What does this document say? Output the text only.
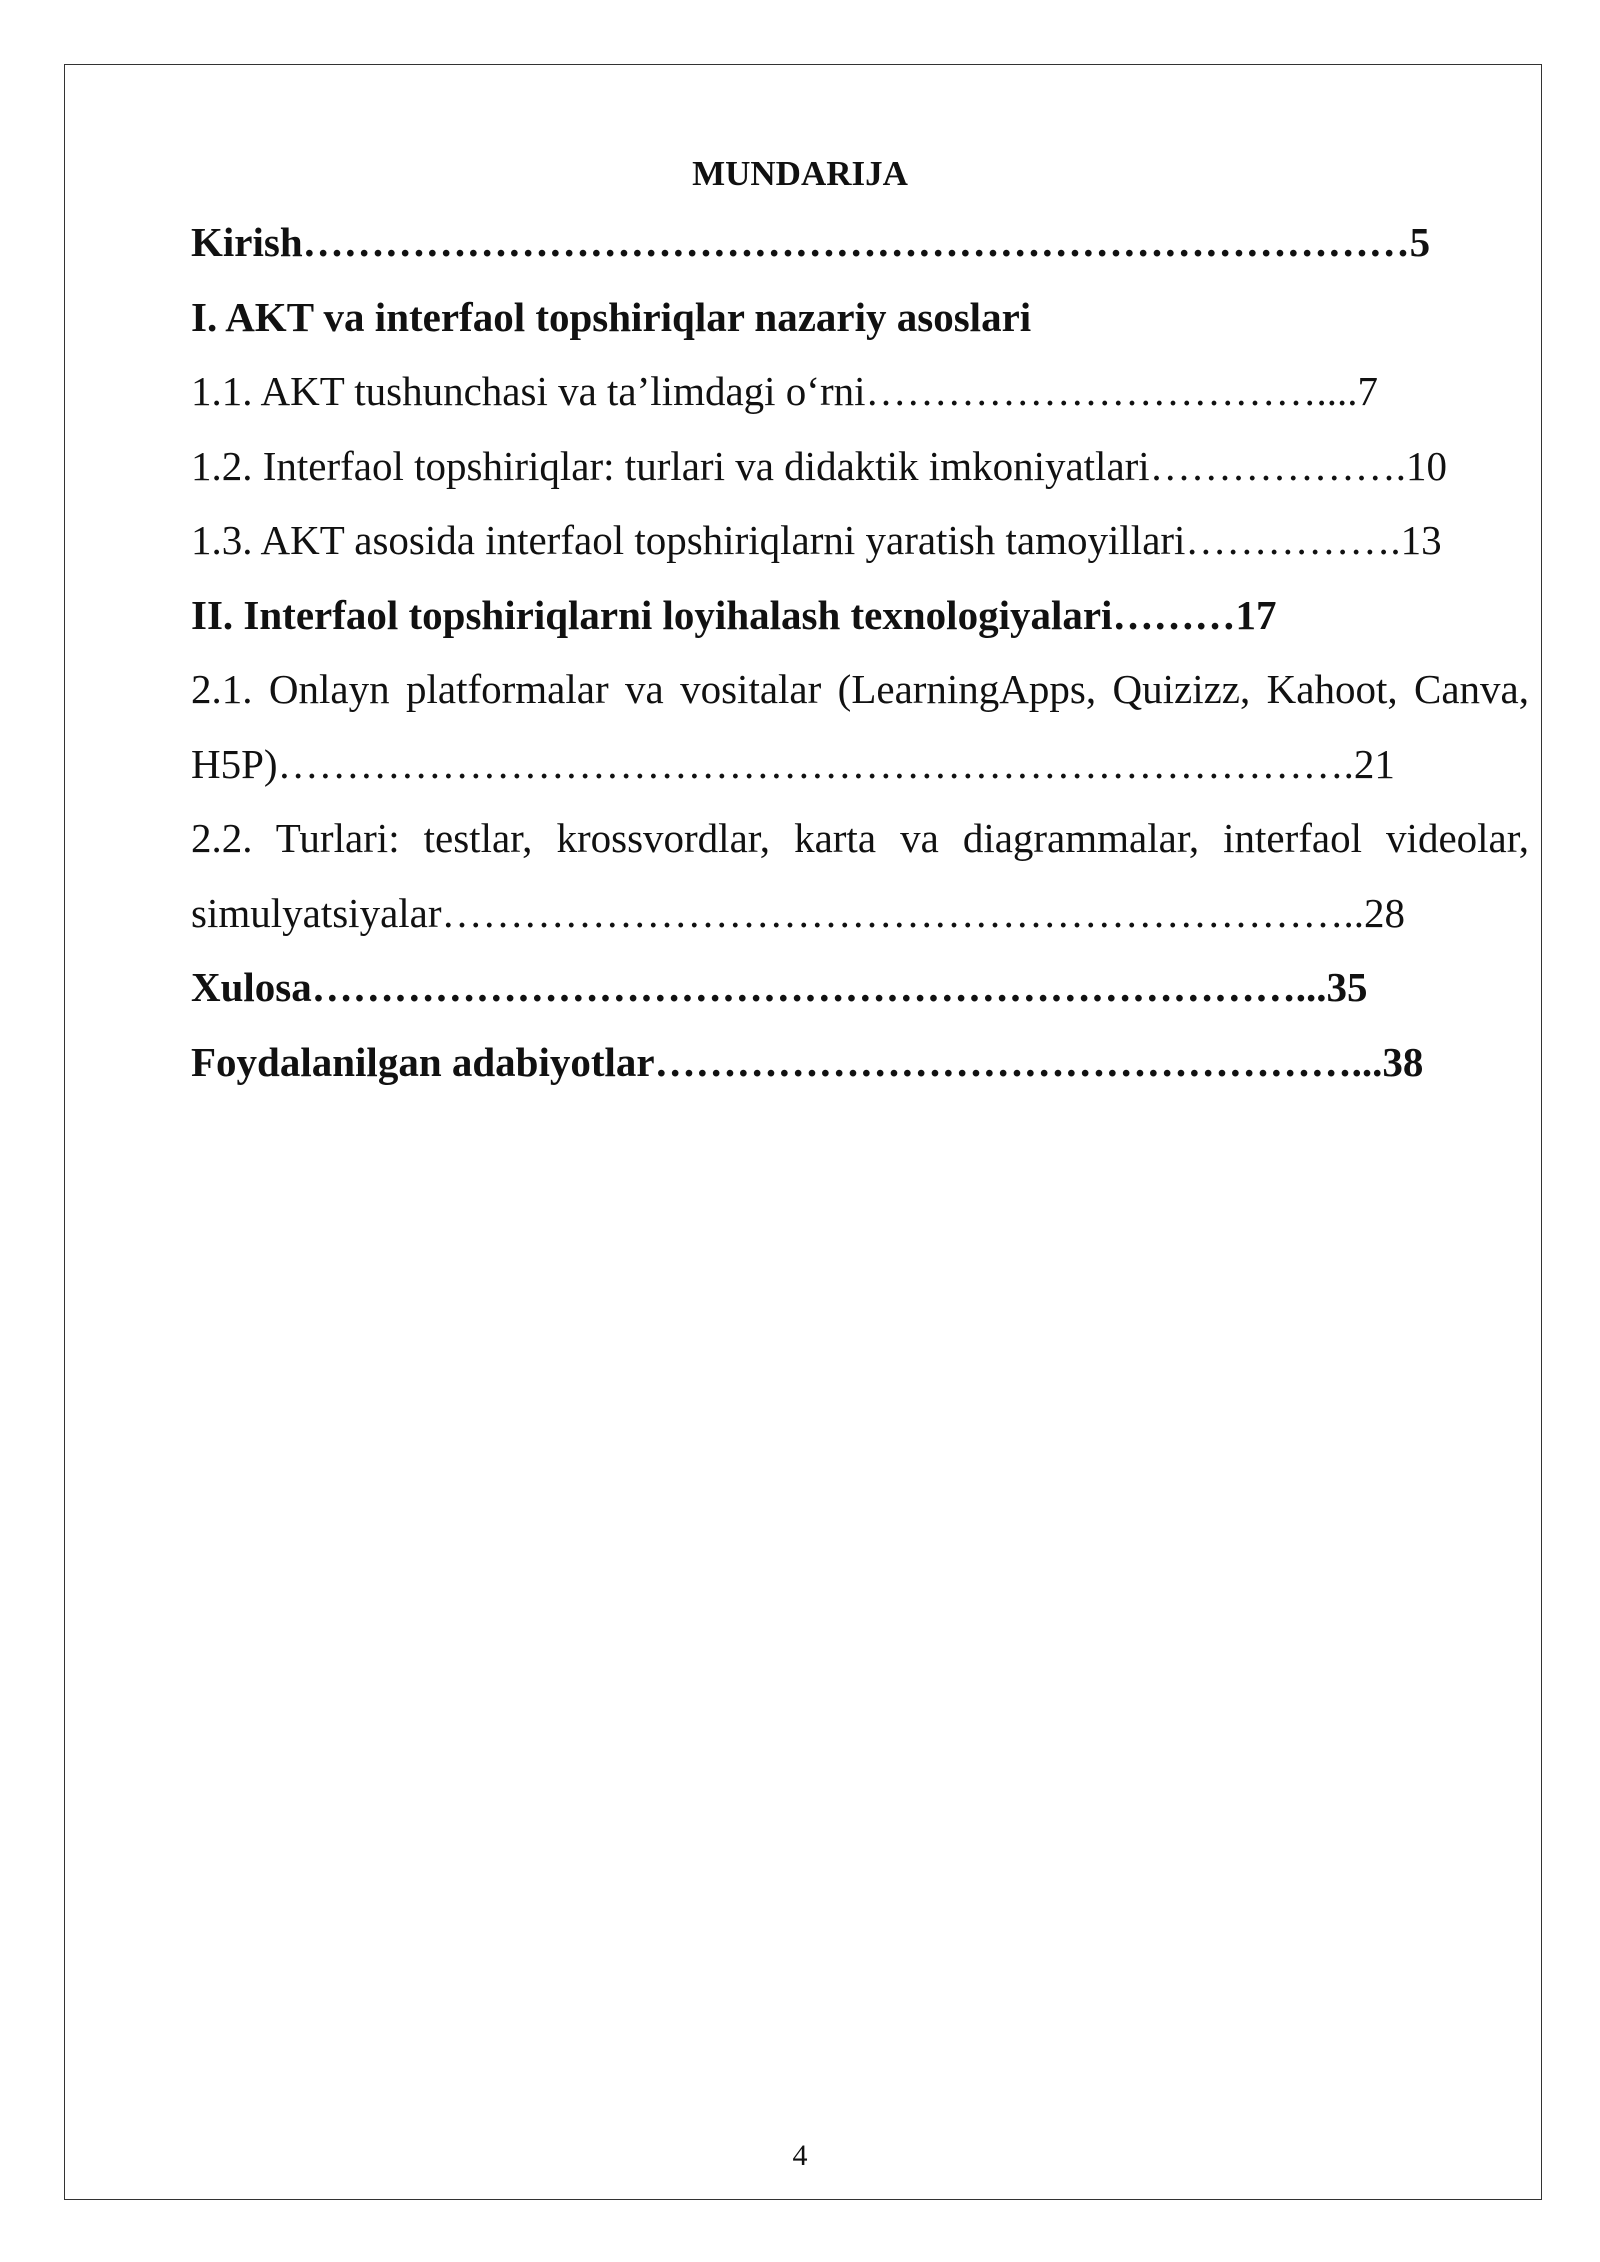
MUNDARIJA
Kirish………………………………………………………………………5
I. AKT va interfaol topshiriqlar nazariy asoslari
1.1. AKT tushunchasi va ta’limdagi o‘rni……………………………....7
1.2. Interfaol topshiriqlar: turlari va didaktik imkoniyatlari……………….10
1.3. AKT asosida interfaol topshiriqlarni yaratish tamoyillari…………….13
II. Interfaol topshiriqlarni loyihalash texnologiyalari………17
2.1. Onlayn platformalar va vositalar (LearningApps, Quizizz, Kahoot, Canva,
H5P)…………………………………………………………………….21
2.2. Turlari: testlar, krossvordlar, karta va diagrammalar, interfaol videolar,
simulyatsiyalar…………………………………………………………..28
Xulosa………………………………………………………………...35
Foydalanilgan adabiyotlar……………………………………………...38
4
